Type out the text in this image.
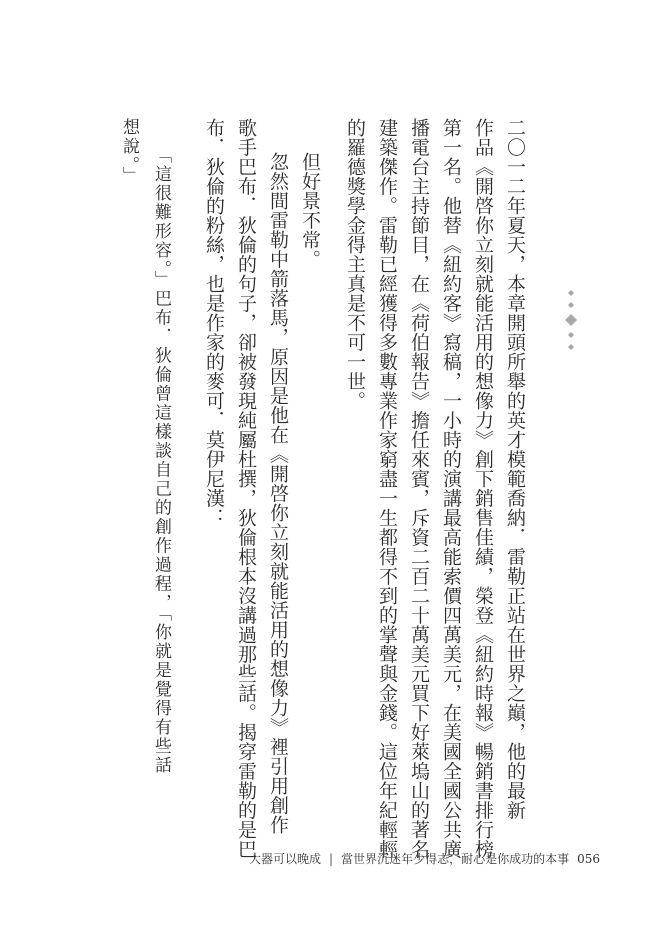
二〇一二年夏天，本章開頭所舉的英才模範喬納．雷勒正站在世界之巔，他的最新
作品《開啓你立刻就能活用的想像力》創下銷售佳績，榮登《紐約時報》暢銷書排行榜
第一名。他替《紐約客》寫稿，一小時的演講最高能索價四萬美元，在美國全國公共廣
播電台主持節目，在《荷伯報告》擔任來賓，斥資二百二十萬美元買下好萊塢山的著名
建築傑作。雷勒已經獲得多數專業作家窮盡一生都得不到的掌聲與金錢。這位年紀輕輕
的羅德獎學金得主真是不可一世。
但好景不常。
忽然間雷勒中箭落馬，原因是他在《開啓你立刻就能活用的想像力》裡引用創作
歌手巴布．狄倫的句子，卻被發現純屬杜撰，狄倫根本沒講過那些話。揭穿雷勒的是巴
布．狄倫的粉絲，也是作家的麥可．莫伊尼漢：
「這很難形容。」巴布．狄倫曾這樣談自己的創作過程，「你就是覺得有些話
想說。」
大器可以晚成 | 當世界沉迷年少得志，耐心是你成功的本事 056
